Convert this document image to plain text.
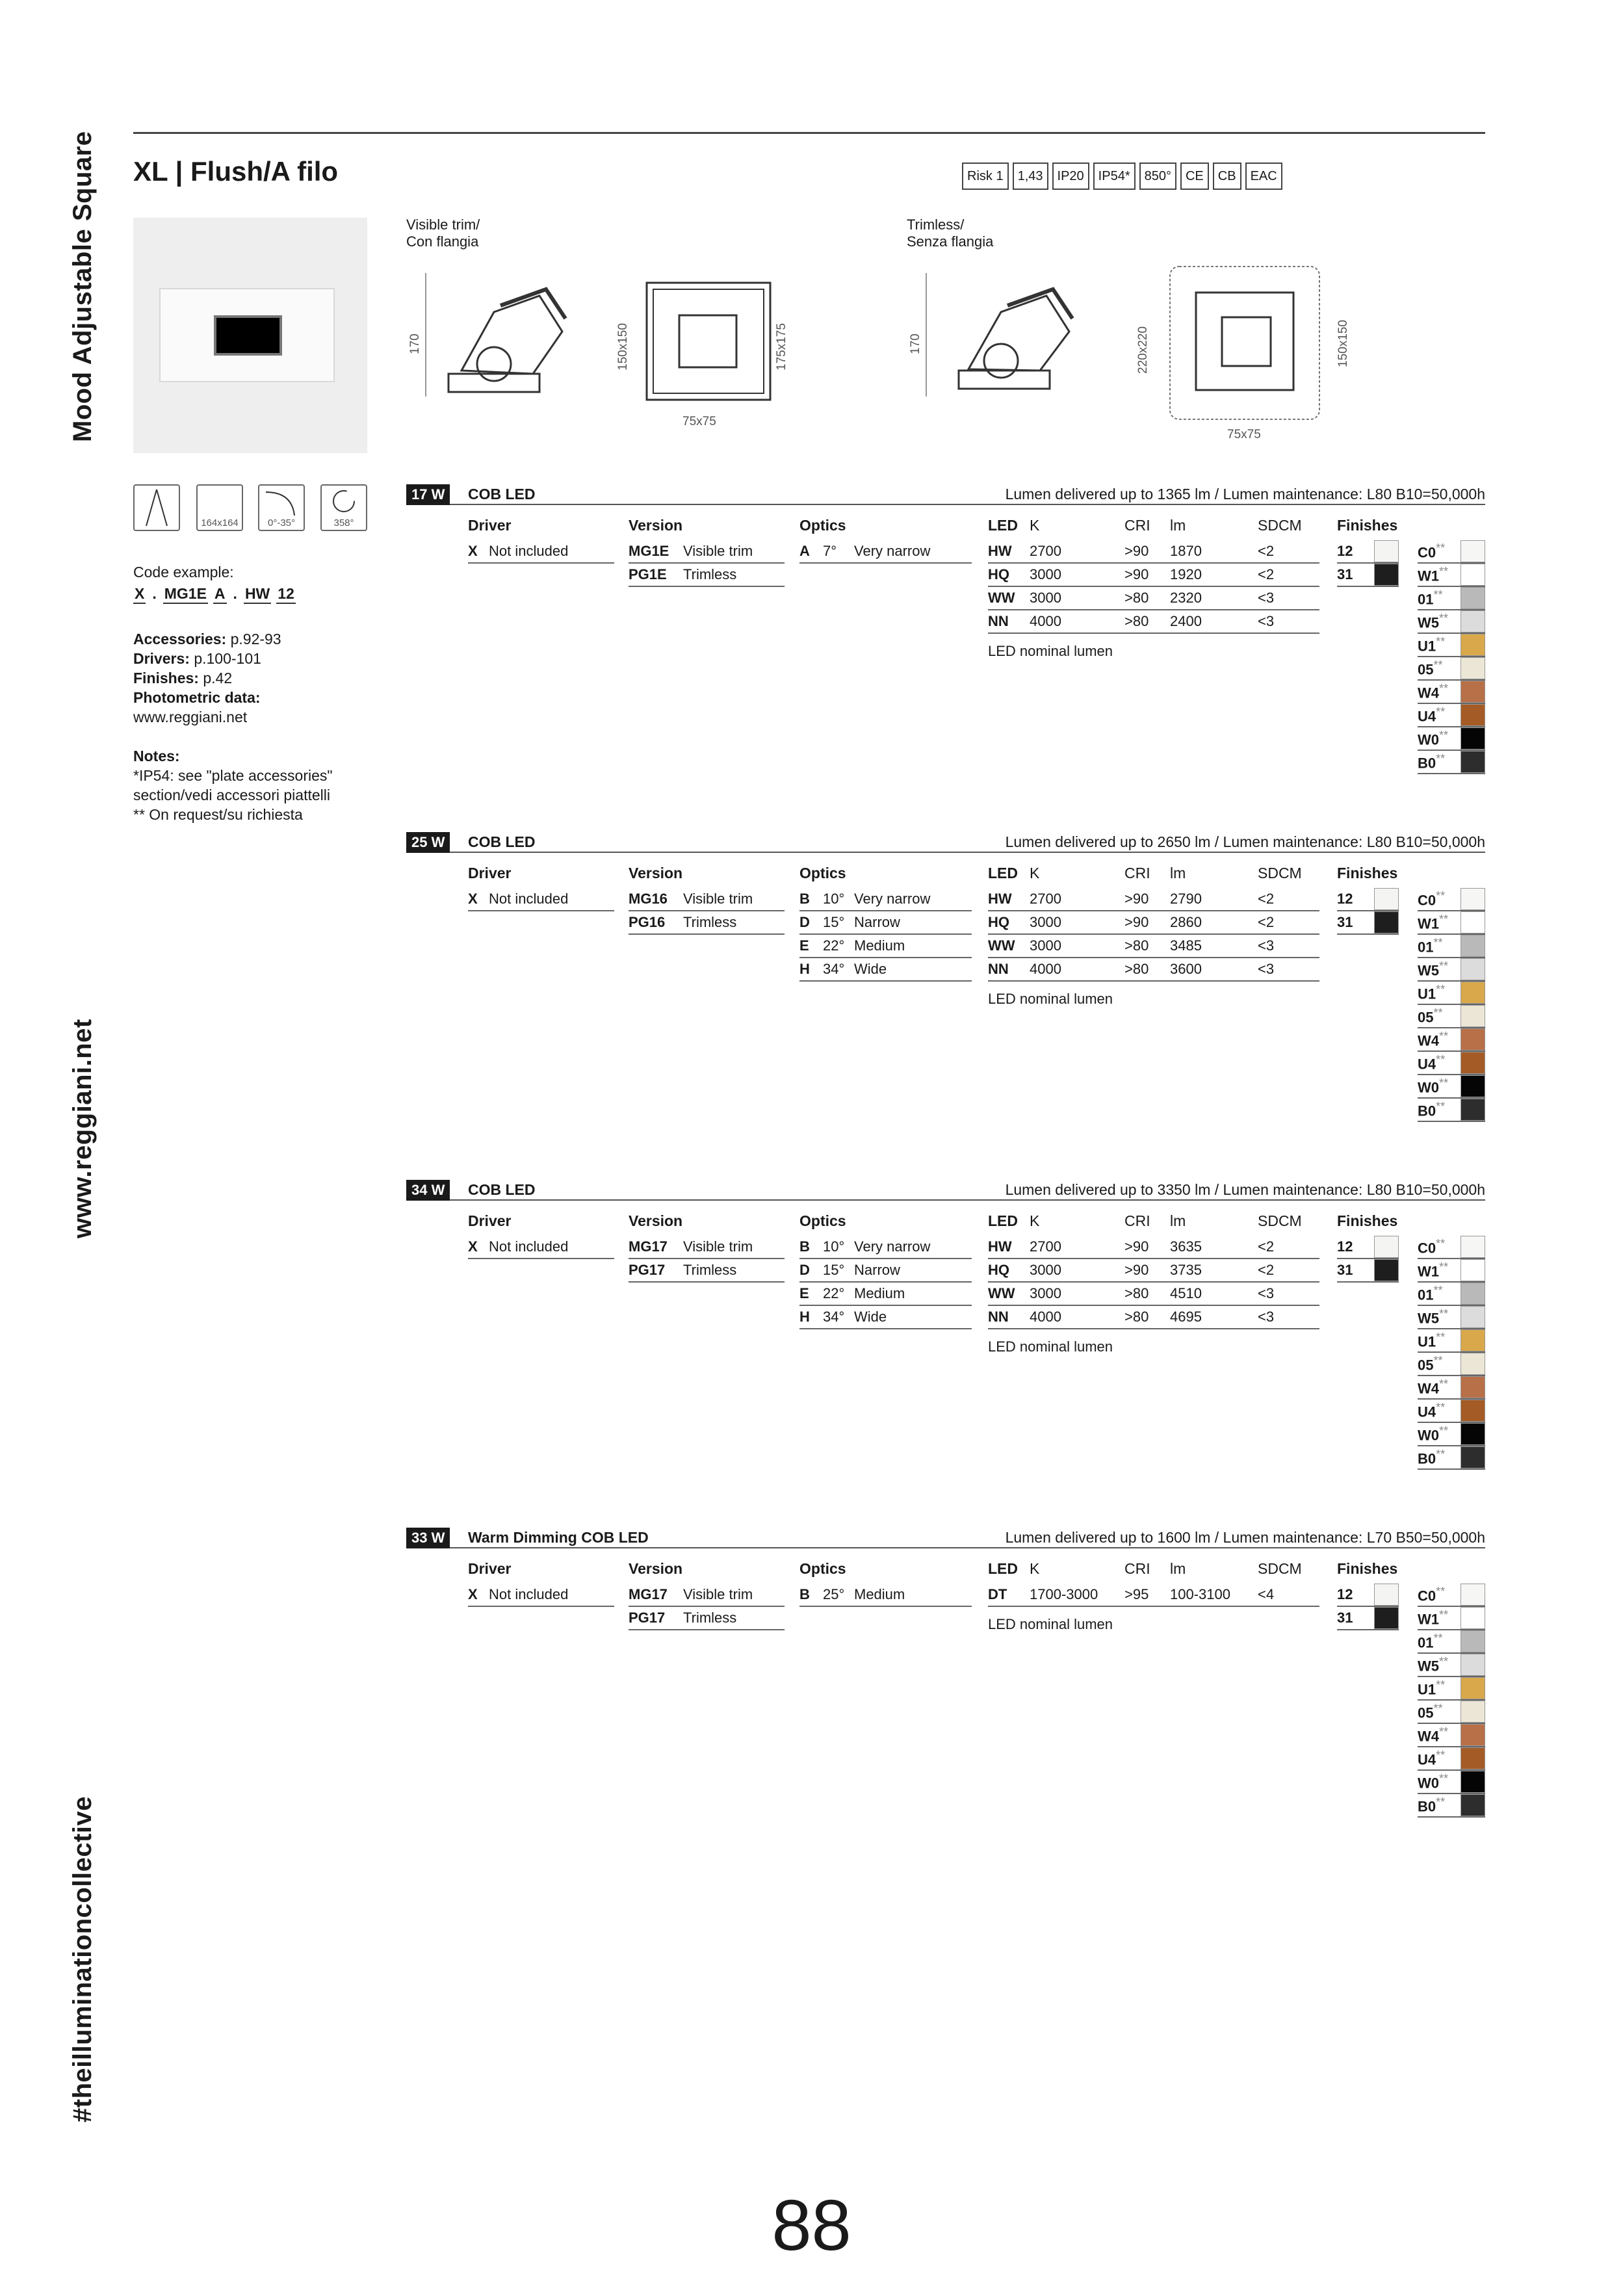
Mood Adjustable Square
www.reggiani.net
#theilluminationcollective
XL | Flush/A filo	Risk 1	1,43	IP20	IP54*	850°	CE	CB	EAC
Visible trim/
Con flangia
Trimless/
Senza flangia
170	150x150	175x175
75x75
170	220x220	150x150
75x75
164x164	0°-35°	358°
Code example:
X . MG1E A . HW 12
Accessories: p.92-93
Drivers: p.100-101
Finishes: p.42
Photometric data:
www.reggiani.net
Notes:
*IP54: see "plate accessories"
section/vedi accessori piattelli
** On request/su richiesta
17 W	COB LED	Lumen delivered up to 1365 lm / Lumen maintenance: L80 B10=50,000h
Driver
X Not included
Version
MG1E Visible trim
PG1E Trimless
Optics
A 7° Very narrow
LED K	CRI lm	SDCM
HW 2700	>90 1870	<2
HQ 3000	>90 1920	<2
WW 3000	>80 2320	<3
NN 4000	>80 2400	<3
LED nominal lumen
Finishes
12
31
C0**
W1**
01**
W5**
U1**
05**
W4**
U4**
W0**
B0**
25 W	COB LED	Lumen delivered up to 2650 lm / Lumen maintenance: L80 B10=50,000h
Driver
X Not included
Version
MG16 Visible trim
PG16 Trimless
Optics
B 10° Very narrow
D 15° Narrow
E 22° Medium
H 34° Wide
LED K	CRI lm	SDCM
HW 2700	>90 2790	<2
HQ 3000	>90 2860	<2
WW 3000	>80 3485	<3
NN 4000	>80 3600	<3
LED nominal lumen
Finishes
12
31
C0**
W1**
01**
W5**
U1**
05**
W4**
U4**
W0**
B0**
34 W	COB LED	Lumen delivered up to 3350 lm / Lumen maintenance: L80 B10=50,000h
Driver
X Not included
Version
MG17 Visible trim
PG17 Trimless
Optics
B 10° Very narrow
D 15° Narrow
E 22° Medium
H 34° Wide
LED K	CRI lm	SDCM
HW 2700	>90 3635	<2
HQ 3000	>90 3735	<2
WW 3000	>80 4510	<3
NN 4000	>80 4695	<3
LED nominal lumen
Finishes
12
31
C0**
W1**
01**
W5**
U1**
05**
W4**
U4**
W0**
B0**
33 W	Warm Dimming COB LED	Lumen delivered up to 1600 lm / Lumen maintenance: L70 B50=50,000h
Driver
X Not included
Version
MG17 Visible trim
PG17 Trimless
Optics
B 25° Medium
LED K	CRI lm	SDCM
DT 1700-3000 >95 100-3100 <4
LED nominal lumen
Finishes
12
31
C0**
W1**
01**
W5**
U1**
05**
W4**
U4**
W0**
B0**
88
